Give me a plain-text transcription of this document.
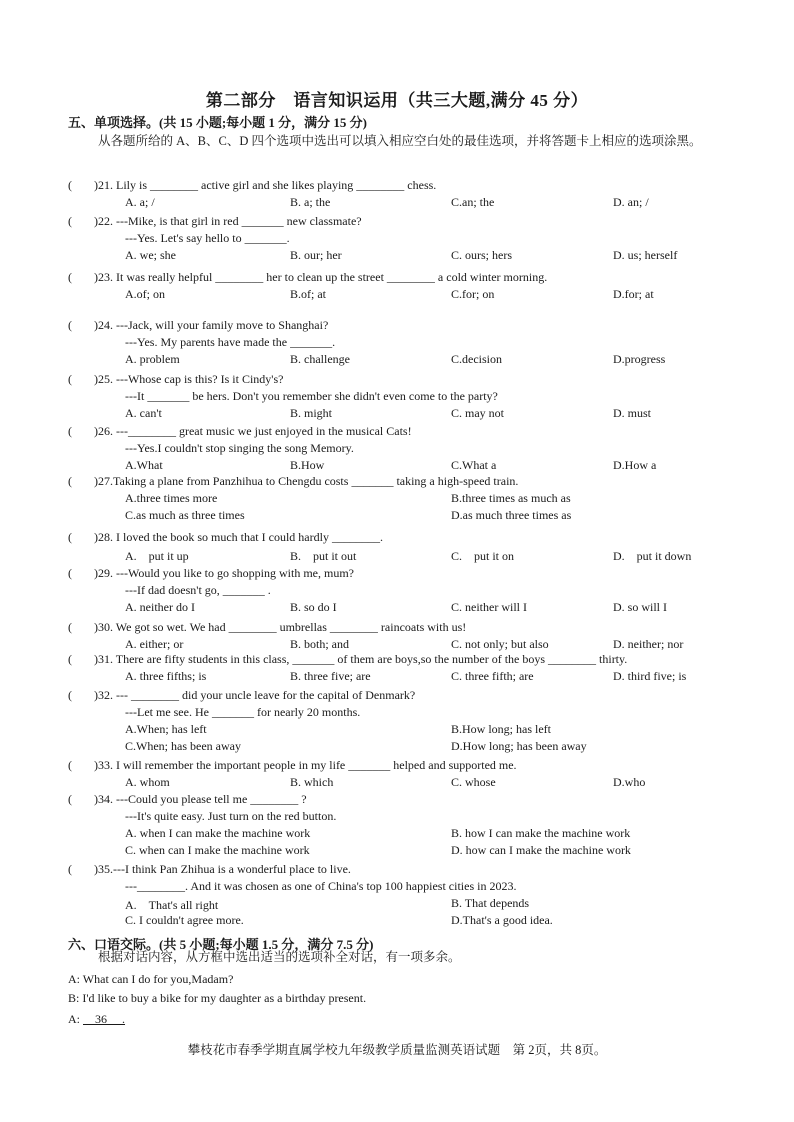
第二部分　语言知识运用（共三大题,满分 45 分）
五、单项选择。(共 15 小题;每小题 1 分，满分 15 分)
从各题所给的 A、B、C、D 四个选项中选出可以填入相应空白处的最佳选项，并将答题卡上相应的选项涂黑。
( )21. Lily is ________ active girl and she likes playing ________ chess.
A. a; /	B. a; the	C.an; the	D. an; /
( )22. ---Mike, is that girl in red _______ new classmate?
---Yes. Let's say hello to _______.
A. we; she	B. our; her	C. ours; hers	D. us; herself
( )23. It was really helpful ________ her to clean up the street ________ a cold winter morning.
A.of; on	B.of; at	C.for; on	D.for; at
( )24. ---Jack, will your family move to Shanghai?
---Yes. My parents have made the _______.
A. problem	B. challenge	C.decision	D.progress
( )25. ---Whose cap is this? Is it Cindy's?
---It _______ be hers. Don't you remember she didn't even come to the party?
A. can't	B. might	C. may not	D. must
( )26. ---________ great music we just enjoyed in the musical Cats!
---Yes.I couldn't stop singing the song Memory.
A.What	B.How	C.What a	D.How a
( )27.Taking a plane from Panzhihua to Chengdu costs _______ taking a high-speed train.
A.three times more	B.three times as much as
C.as much as three times	D.as much three times as
( )28. I loved the book so much that I could hardly ________.
A.　put it up	B.　put it out	C.　put it on	D.　put it down
( )29. ---Would you like to go shopping with me, mum?
---If dad doesn't go, _______ .
A. neither do I	B. so do I	C. neither will I	D. so will I
( )30. We got so wet. We had ________ umbrellas ________ raincoats with us!
A. either; or	B. both; and	C. not only; but also	D. neither; nor
( )31. There are fifty students in this class, _______ of them are boys,so the number of the boys ________ thirty.
A. three fifths; is	B. three five; are	C. three fifth; are	D. third five; is
( )32. --- ________ did your uncle leave for the capital of Denmark?
---Let me see. He _______ for nearly 20 months.
A.When; has left	B.How long; has left
C.When; has been away	D.How long; has been away
( )33. I will remember the important people in my life _______ helped and supported me.
A. whom	B. which	C. whose	D.who
( )34. ---Could you please tell me ________ ?
---It's quite easy. Just turn on the red button.
A. when I can make the machine work	B. how I can make the machine work
C. when can I make the machine work	D. how can I make the machine work
( )35.---I think Pan Zhihua is a wonderful place to live.
---________. And it was chosen as one of China's top 100 happiest cities in 2023.
A.　That's all right	B. That depends
C. I couldn't agree more.	D.That's a good idea.
六、口语交际。(共 5 小题;每小题 1.5 分，满分 7.5 分)
根据对话内容，从方框中选出适当的选项补全对话，有一项多余。
A: What can I do for you,Madam?
B: I'd like to buy a bike for my daughter as a birthday present.
A: ＿36＿ .
攀枝花市春季学期直属学校九年级教学质量监测英语试题　第 2页，共 8页。
